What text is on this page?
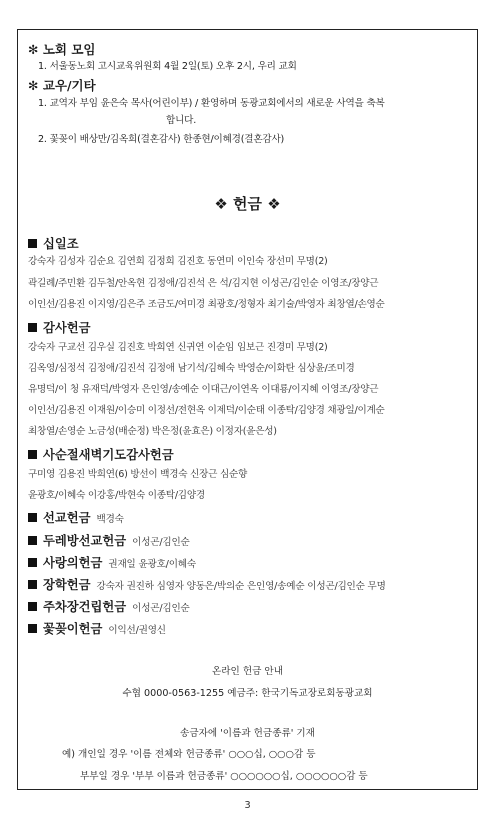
✻ 노회 모임
1. 서울동노회 고시교육위원회 4월 2일(토) 오후 2시, 우리 교회
✻ 교우/기타
1. 교역자 부임 윤은숙 목사(어린이부) / 환영하며 동광교회에서의 새로운 사역을 축복
합니다.
2. 꽃꽂이 배상만/김옥희(결혼감사) 한종현/이혜경(결혼감사)
❖ 헌금 ❖
십일조
강숙자 김성자 김순요 김연희 김정희 김진호 동연미 이인숙 장선미 무명(2)
곽길례/주민환 김두철/안옥현 김정애/김진석 은 석/김지현 이성곤/김인순 이영조/장양근
이인선/김용진 이지영/김은주 조금도/여미경 최광호/정형자 최기술/박영자 최창열/손영순
감사헌금
강숙자 구교선 김우실 김진호 박희연 신귀연 이순임 임보근 진경미 무명(2)
김옥영/심정석 김정애/김진석 김정애 남기석/김혜숙 박영순/이화탄 심상윤/조미경
유명덕/이 청 유재덕/박영자 은인영/송예순 이대근/이연옥 이대룡/이지혜 이영조/장양근
이인선/김용진 이재원/이승미 이정선/전현옥 이제덕/이순태 이종탁/김양경 채광일/이계순
최창열/손영순 노금성(배순정) 박은정(윤효은) 이정자(윤은성)
사순절새벽기도감사헌금
구미영 김용진 박희연(6) 방선이 백경숙 신장근 심순향
윤광호/이혜숙 이강홍/박현숙 이종탁/김양경
선교헌금 백경숙
두레방선교헌금 이성곤/김인순
사랑의헌금 권재일 윤광호/이혜숙
장학헌금 강숙자 권진하 심영자 양동은/박의순 은인영/송예순 이성곤/김인순 무명
주차장건립헌금 이성곤/김인순
꽃꽂이헌금 이익선/권영신
온라인 헌금 안내
수협 0000-0563-1255 예금주: 한국기독교장로회동광교회
송금자에 '이름과 헌금종류' 기재
예) 개인일 경우 '이름 전체와 헌금종류' ○○○십, ○○○감 등
부부일 경우 '부부 이름과 헌금종류' ○○○○○○십, ○○○○○○감 등
3
